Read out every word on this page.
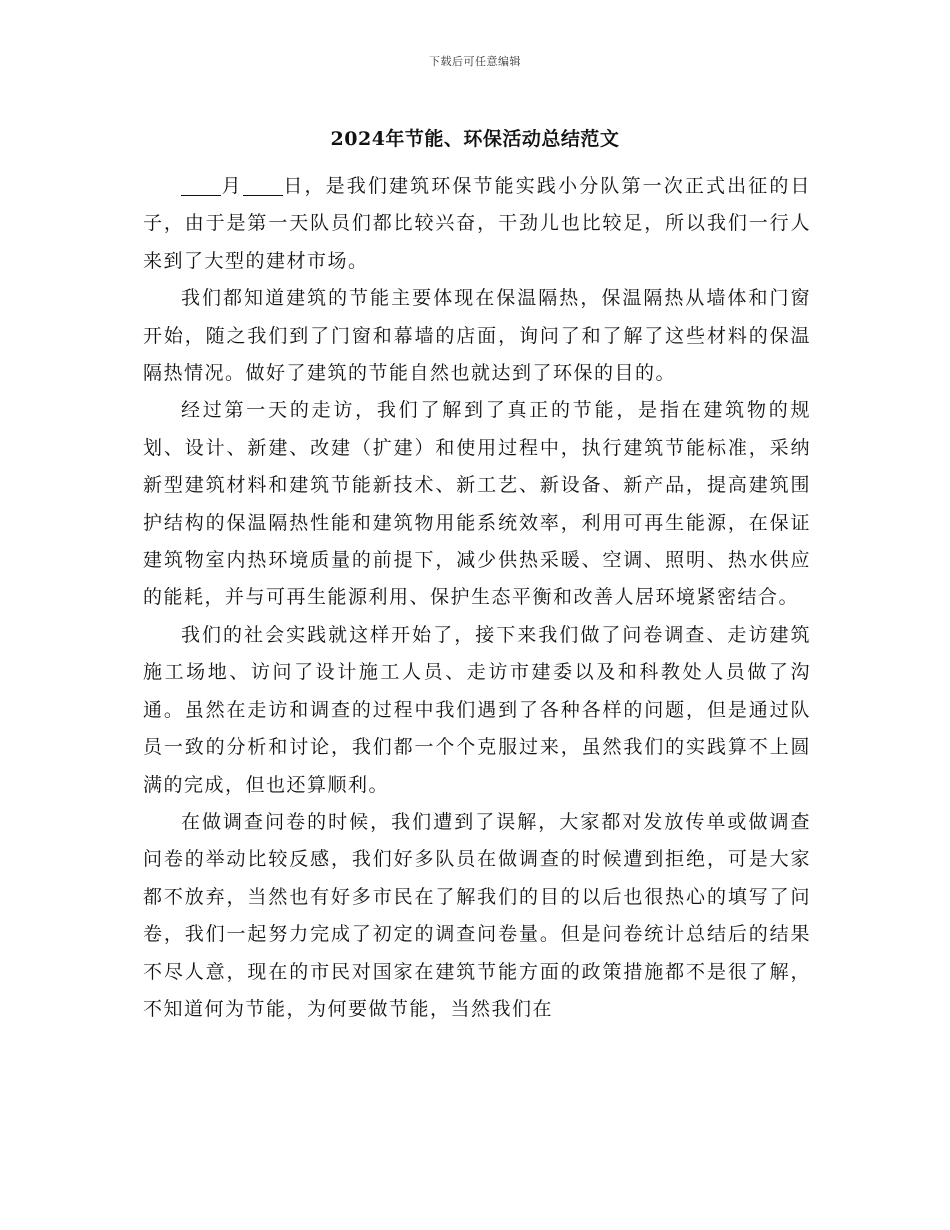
下载后可任意编辑
2024年节能、环保活动总结范文

月 日，是我们建筑环保节能实践小分队第一次正式出征的日子，由于是第一天队员们都比较兴奋，干劲儿也比较足，所以我们一行人来到了大型的建材市场。

我们都知道建筑的节能主要体现在保温隔热，保温隔热从墙体和门窗开始，随之我们到了门窗和幕墙的店面，询问了和了解了这些材料的保温隔热情况。做好了建筑的节能自然也就达到了环保的目的。

经过第一天的走访，我们了解到了真正的节能，是指在建筑物的规划、设计、新建、改建（扩建）和使用过程中，执行建筑节能标准，采纳新型建筑材料和建筑节能新技术、新工艺、新设备、新产品，提高建筑围护结构的保温隔热性能和建筑物用能系统效率，利用可再生能源，在保证建筑物室内热环境质量的前提下，减少供热采暖、空调、照明、热水供应的能耗，并与可再生能源利用、保护生态平衡和改善人居环境紧密结合。

我们的社会实践就这样开始了，接下来我们做了问卷调查、走访建筑施工场地、访问了设计施工人员、走访市建委以及和科教处人员做了沟通。虽然在走访和调查的过程中我们遇到了各种各样的问题，但是通过队员一致的分析和讨论，我们都一个个克服过来，虽然我们的实践算不上圆满的完成，但也还算顺利。

在做调查问卷的时候，我们遭到了误解，大家都对发放传单或做调查问卷的举动比较反感，我们好多队员在做调查的时候遭到拒绝，可是大家都不放弃，当然也有好多市民在了解我们的目的以后也很热心的填写了问卷，我们一起努力完成了初定的调查问卷量。但是问卷统计总结后的结果不尽人意，现在的市民对国家在建筑节能方面的政策措施都不是很了解，不知道何为节能，为何要做节能，当然我们在
